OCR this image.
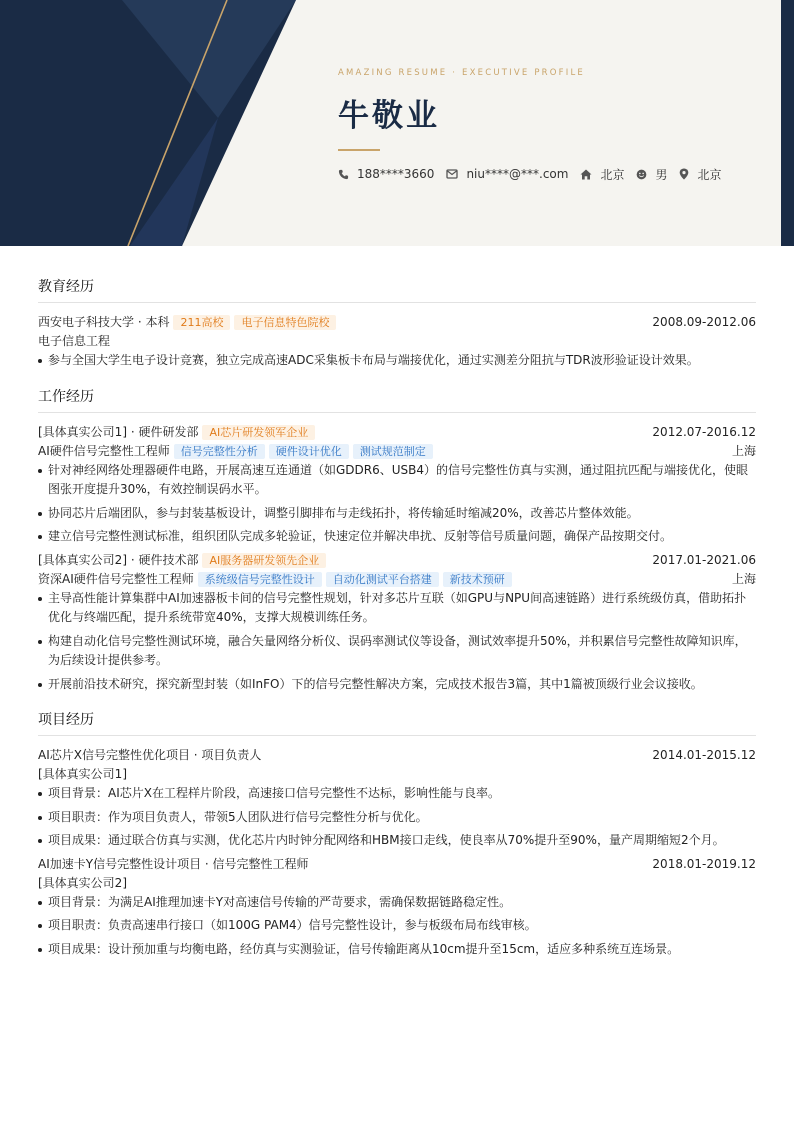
AMAZING RESUME · EXECUTIVE PROFILE
牛敬业
188****3660	niu****@***.com	北京	男	北京
教育经历
西安电子科技大学 · 本科	211高校	电子信息特色院校	2008.09-2012.06
电子信息工程
参与全国大学生电子设计竞赛，独立完成高速ADC采集板卡布局与端接优化，通过实测差分阻抗与TDR波形验证设计效果。
工作经历
[具体真实公司1] · 硬件研发部	AI芯片研发领军企业	2012.07-2016.12
AI硬件信号完整性工程师	信号完整性分析	硬件设计优化	测试规范制定	上海
针对神经网络处理器硬件电路，开展高速互连通道（如GDDR6、USB4）的信号完整性仿真与实测，通过阻抗匹配与端接优化，使眼图张开度提升30%，有效控制误码水平。
协同芯片后端团队，参与封装基板设计，调整引脚排布与走线拓扑，将传输延时缩减20%，改善芯片整体效能。
建立信号完整性测试标准，组织团队完成多轮验证，快速定位并解决串扰、反射等信号质量问题，确保产品按期交付。
[具体真实公司2] · 硬件技术部	AI服务器研发领先企业	2017.01-2021.06
资深AI硬件信号完整性工程师	系统级信号完整性设计	自动化测试平台搭建	新技术预研	上海
主导高性能计算集群中AI加速器板卡间的信号完整性规划，针对多芯片互联（如GPU与NPU间高速链路）进行系统级仿真，借助拓扑优化与终端匹配，提升系统带宽40%，支撑大规模训练任务。
构建自动化信号完整性测试环境，融合矢量网络分析仪、误码率测试仪等设备，测试效率提升50%，并积累信号完整性故障知识库，为后续设计提供参考。
开展前沿技术研究，探究新型封装（如InFO）下的信号完整性解决方案，完成技术报告3篇，其中1篇被顶级行业会议接收。
项目经历
AI芯片X信号完整性优化项目 · 项目负责人	2014.01-2015.12
[具体真实公司1]
项目背景：AI芯片X在工程样片阶段，高速接口信号完整性不达标，影响性能与良率。
项目职责：作为项目负责人，带领5人团队进行信号完整性分析与优化。
项目成果：通过联合仿真与实测，优化芯片内时钟分配网络和HBM接口走线，使良率从70%提升至90%，量产周期缩短2个月。
AI加速卡Y信号完整性设计项目 · 信号完整性工程师	2018.01-2019.12
[具体真实公司2]
项目背景：为满足AI推理加速卡Y对高速信号传输的严苛要求，需确保数据链路稳定性。
项目职责：负责高速串行接口（如100G PAM4）信号完整性设计，参与板级布局布线审核。
项目成果：设计预加重与均衡电路，经仿真与实测验证，信号传输距离从10cm提升至15cm，适应多种系统互连场景。
